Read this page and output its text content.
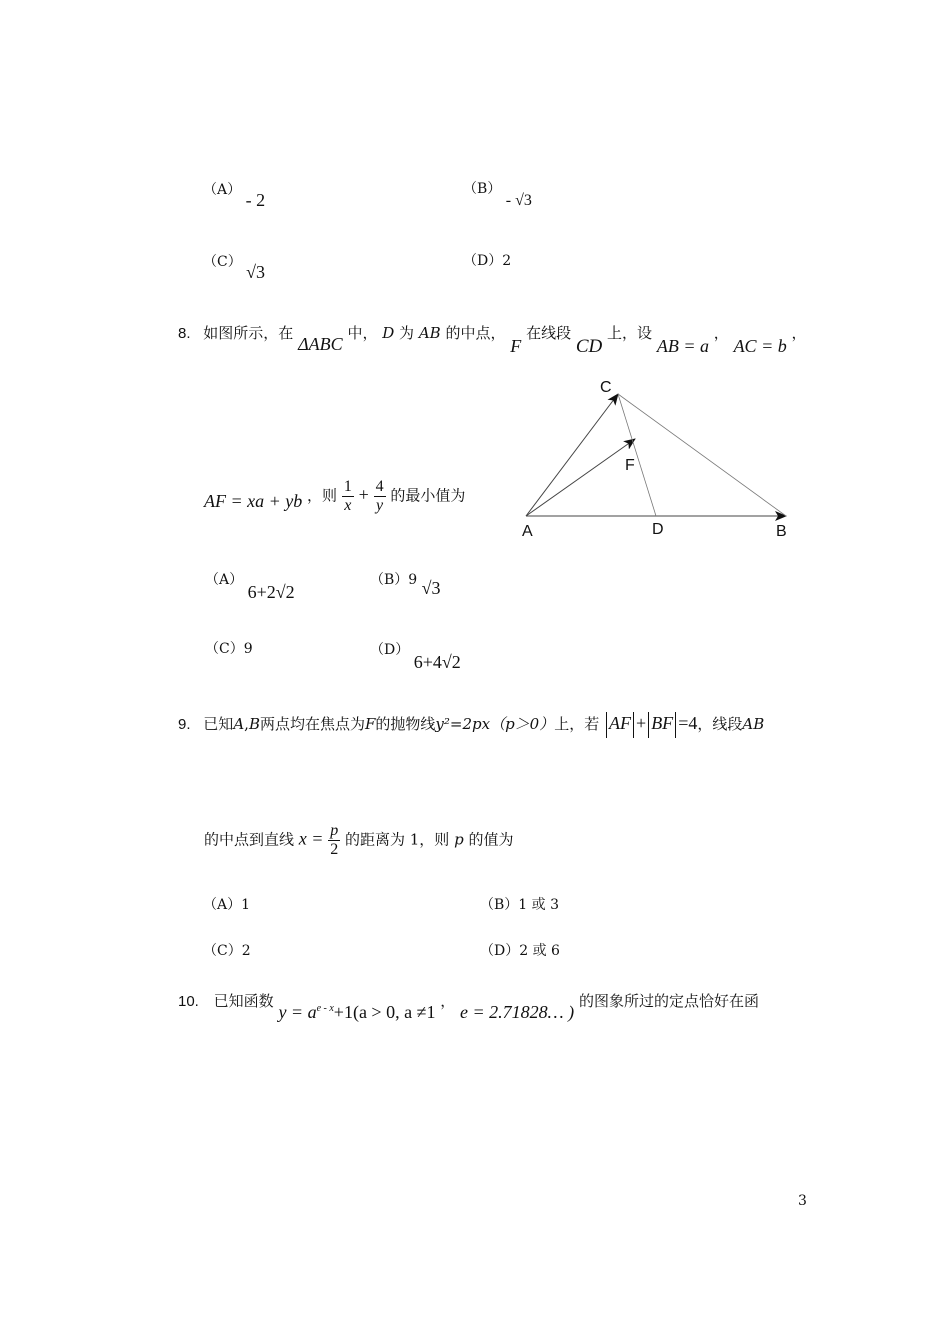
（A） - 2
（B） - √3
（C） √3
（D）2
8. 如图所示，在 ΔABC 中， D 为 AB 的中点， F 在线段 CD 上，设 AB = a ， AC = b ，
C
F
A	D	B
AF = xa + yb ，则 $\frac{1}{x} + \frac{4}{y}$ 的最小值为
（A） 6+2√2
（B）9 √3
（C）9	（D） 6+4√2
9. 已知A,B两点均在焦点为F的抛物线y²=2px（p＞0）上，若 AF + BF =4，线段AB
的中点到直线 $x = \frac{p}{2}$ 的距离为 1，则 p 的值为
（A）1	（B）1 或 3
（C）2	（D）2 或 6
10. 已知函数 $y = a^{e - x}+1(a > 0$, a ≠1 ， e = 2.71828… ) 的图象所过的定点恰好在函
3
